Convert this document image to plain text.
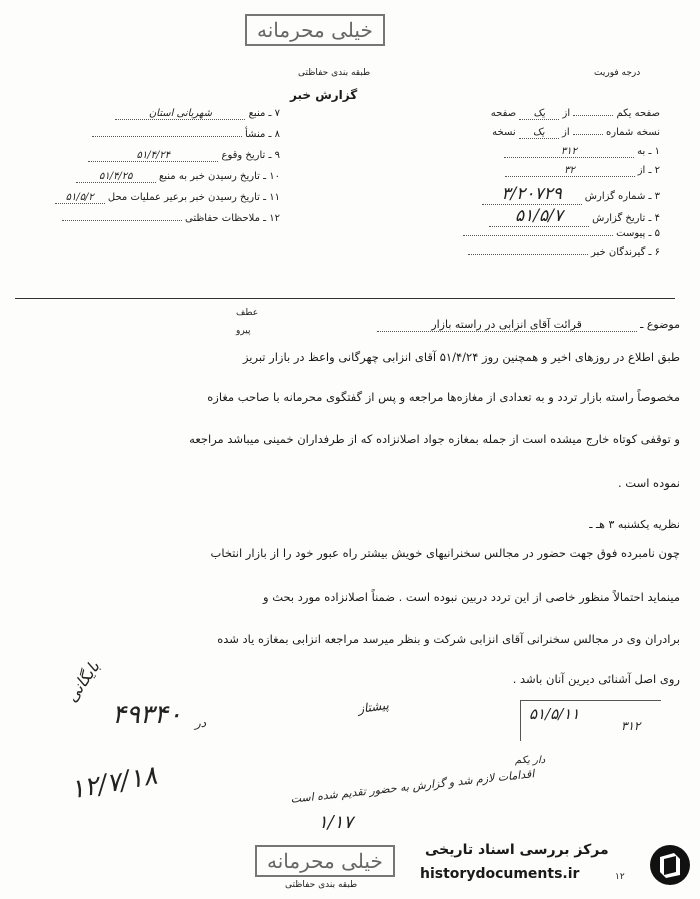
خیلی محرمانه
طبقه بندی حفاظتی	درجه فوریت
گزارش خبر
۷ ـ منبع شهربانی استان
۸ ـ منشأ
۹ ـ تاریخ وقوع ۵۱/۴/۲۴
۱۰ ـ تاریخ رسیدن خبر به منبع ۵۱/۴/۲۵
۱۱ ـ تاریخ رسیدن خبر برعیر عملیات محل ۵۱/۵/۲
۱۲ ـ ملاحظات حفاظتی
صفحه یکم  از یک صفحه
نسخه شماره  از یک نسخه
۱ ـ به ۳۱۲
۲ ـ از ۳۲
۳ ـ شماره گزارش ۳/۲۰۷۲۹
۴ ـ تاریخ گزارش ۵۱/۵/۷
۵ ـ پیوست
۶ ـ گیرندگان خبر
عطف
پیرو	موضوع ـ قرائت آقای انزابی در راسته بازار
طبق اطلاع در روزهای اخیر و همچنین روز ۵۱/۴/۲۴ آقای انزابی چهرگانی واعظ در بازار تبریز
مخصوصاً راسته بازار تردد و به تعدادی از مغازه‌ها مراجعه و پس از گفتگوی محرمانه با صاحب مغازه
و توقفی کوتاه خارج میشده است از جمله بمغازه جواد اصلانزاده که از طرفداران خمینی میباشد مراجعه
نموده است .
نظریه یکشنبه ۳ هـ ـ
چون نامبرده فوق جهت حضور در مجالس سخنرانیهای خویش بیشتر راه عبور خود را از بازار انتخاب
مینماید احتمالاً منظور خاصی از این تردد دربین نبوده است . ضمناً اصلانزاده مورد بحث و
برادران وی در مجالس سخنرانی آقای انزابی شرکت و بنظر میرسد مراجعه انزابی بمغازه یاد شده
روی اصل آشنائی دیرین آنان باشد .
۴۹۳۴۰ در
بایگانی
۱۲/۷/۱۸
۱/۱۷
پیشتاز
دار یکم
اقدامات لازم شد و گزارش به حضور تقدیم شده است
۵۱/۵/۱۱
۳۱۲
خیلی محرمانه
طبقه بندی حفاظتی
مرکز بررسی اسناد تاریخی
historydocuments.ir	۱۲
